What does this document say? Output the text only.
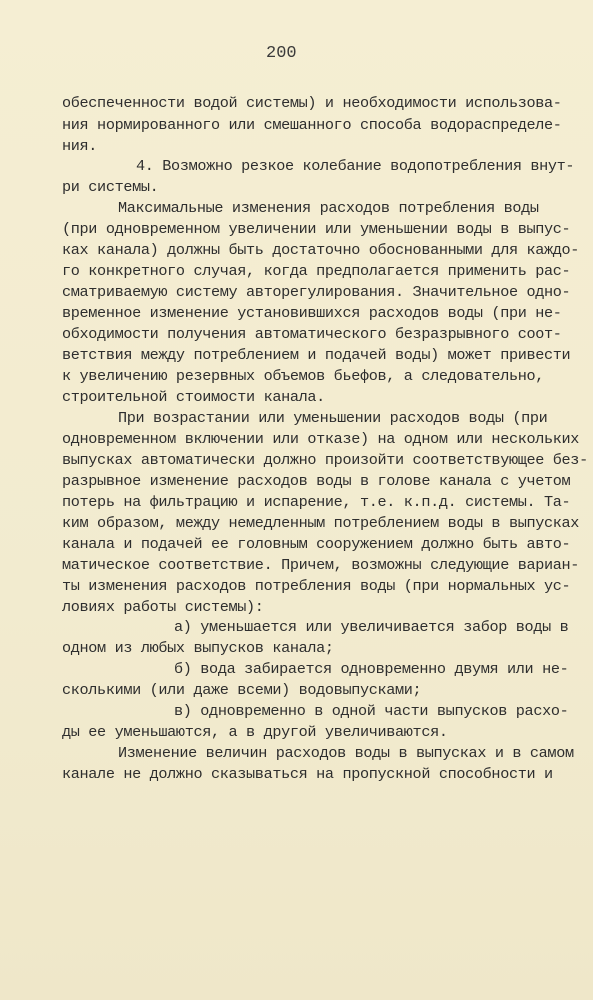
200
обеспеченности водой системы) и необходимости использова-
ния нормированного или смешанного способа водораспределе-
ния.
4. Возможно резкое колебание водопотребления внут-
ри системы.
Максимальные изменения расходов потребления воды
(при одновременном увеличении или уменьшении воды в выпус-
ках канала) должны быть достаточно обоснованными для каждо-
го конкретного случая, когда предполагается применить рас-
сматриваемую систему авторегулирования. Значительное одно-
временное изменение установившихся расходов воды (при не-
обходимости получения автоматического безразрывного соот-
ветствия между потреблением и подачей воды) может привести
к увеличению резервных объемов бьефов, а следовательно,
строительной стоимости канала.
При возрастании или уменьшении расходов воды (при
одновременном включении или отказе) на одном или нескольких
выпусках автоматически должно произойти соответствующее без-
разрывное изменение расходов воды в голове канала с учетом
потерь на фильтрацию и испарение, т.е. к.п.д. системы. Та-
ким образом, между немедленным потреблением воды в выпусках
канала и подачей ее головным сооружением должно быть авто-
матическое соответствие. Причем, возможны следующие вариан-
ты изменения расходов потребления воды (при нормальных ус-
ловиях работы системы):
а) уменьшается или увеличивается забор воды в
одном из любых выпусков канала;
б) вода забирается одновременно двумя или не-
сколькими (или даже всеми) водовыпусками;
в) одновременно в одной части выпусков расхо-
ды ее уменьшаются, а в другой увеличиваются.
Изменение величин расходов воды в выпусках и в самом
канале не должно сказываться на пропускной способности и
